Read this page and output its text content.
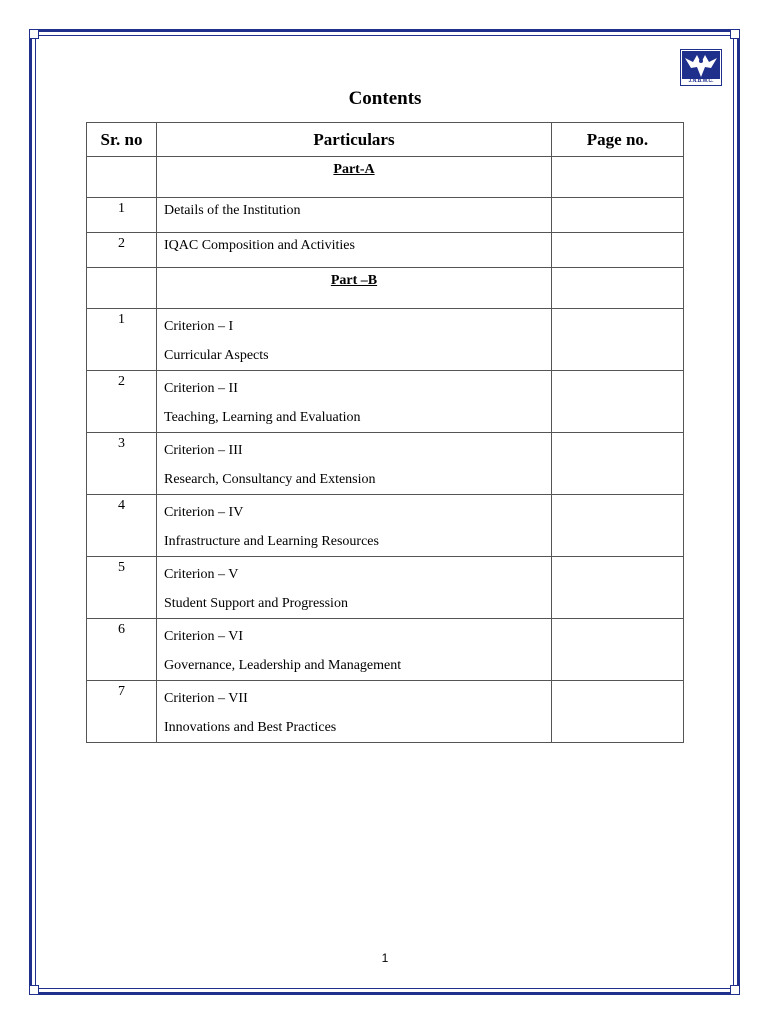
J.N.B.W.C.
Contents
Sr. no	Particulars	Page no.
	Part-A	
1	Details of the Institution	

2	IQAC Composition and Activities	

	Part –B	
1	Criterion – I
Curricular Aspects	

2	Criterion – II
Teaching, Learning and Evaluation	

3	Criterion – III
Research, Consultancy and Extension	

4	Criterion – IV
Infrastructure and Learning Resources	

5	Criterion – V
Student Support and Progression	

6	Criterion – VI
Governance, Leadership and Management	

7	Criterion – VII
Innovations and Best Practices	

1
